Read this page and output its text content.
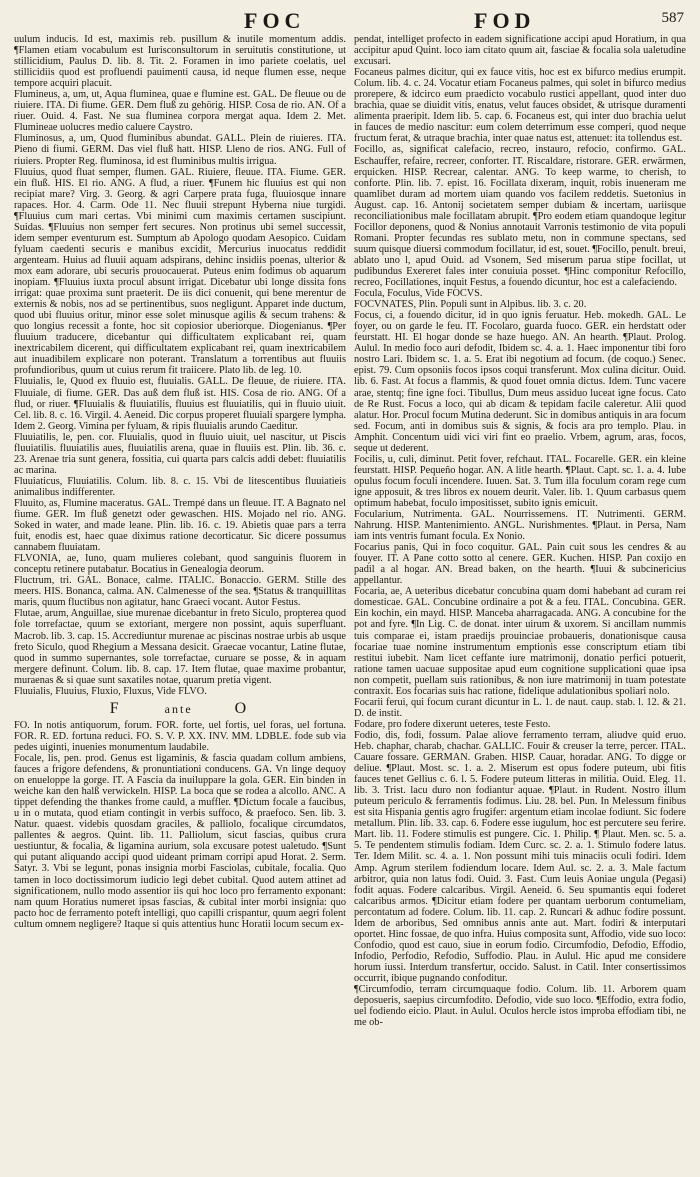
FOC	FOD	587

uulum inducis. Id est, maximis reb. pusillum & inutile momentum addis. ¶Flamen etiam vocabulum est Iurisconsultorum in seruitutis constitutione, ut stillicidium, Paulus D. lib. 8. Tit. 2. Foramen in imo pariete coelatis, uel stillicidiis quod est profluendi pauimenti causa, id neque flumen esse, neque tempore acquiri placuit.

Flumineus, a, um, ut, Aqua fluminea, quae e flumine est. GAL. De fleuue ou de riuiere. ITA. Di fiume. GER. Dem fluß zu gehörig. HISP. Cosa de rio. AN. Of a riuer. Ouid. 4. Fast. Ne sua fluminea corpora mergat aqua. Idem 2. Met. Flumineae uolucres medio caluere Caystro.

Fluminosus, a, um, Quod fluminibus abundat. GALL. Plein de riuieres. ITA. Pieno di fiumi. GERM. Das viel fluß hatt. HISP. Lleno de rios. ANG. Full of riuiers. Propter Reg. fluminosa, id est fluminibus multis irrigua.

Fluuius, quod fluat semper, flumen. GAL. Riuiere, fleuue. ITA. Fiume. GER. ein fluß. HIS. El rio. ANG. A flud, a riuer. ¶Funem hic fluuius est qui non recipiat mare? Virg. 3. Georg. & agri Carpere prata fuga, fluuiosque innare rapaces. Hor. 4. Carm. Ode 11. Nec fluuii strepunt Hyberna niue turgidi. ¶Fluuius cum mari certas. Vbi minimi cum maximis certamen suscipiunt. Suidas. ¶Fluuius non semper fert secures. Non protinus ubi semel successit, idem semper eventurum est. Sumptum ab Apologo quodam Aesopico. Cuidam fyluam caedenti securis e manibus excidit, Mercurius inuocatus reddidit argenteam. Huius ad fluuii aquam adspirans, dehinc insidiis poenas, ulterior & mox eam adorare, ubi securis prouocauerat. Puteus enim fodimus ob aquarum inopiam. ¶Fluuius iuxta procul absunt irrigat. Dicebatur ubi longe dissita fons irrigat: quae proxima sunt praeterit. De iis dici conuenit, qui bene merentur de externis & nobis, nos ad se pertinentibus, suos negligunt. Apparet inde ductum, quod ubi fluuius oritur, minor esse solet minusque agilis & secum trahens: & quo longius recessit a fonte, hoc sit copiosior uberiorque. Diogenianus. ¶Per fluuium traducere, dicebantur qui difficultatem explicabant rei, quam inextricabilem dicerent, qui difficultatem explicabant rei, quam inextricabilem aut inuadibilem explicare non poterant. Translatum a torrentibus aut fluuiis profundioribus, quum ut cuius rerum fit traiicere. Plato lib. de leg. 10.

Fluuialis, le, Quod ex fluuio est, fluuialis. GALL. De fleuue, de riuiere. ITA. Fluuiale, di fiume. GER. Das auß dem fluß ist. HIS. Cosa de rio. ANG. Of a flud, or riuer. ¶Fluuialis & fluuiatilis, fluuius est fluuiatilis, qui in fluuio uiuit. Cel. lib. 8. c. 16. Virgil. 4. Aeneid. Dic corpus properet fluuiali spargere lympha. Idem 2. Georg. Vimina per fyluam, & ripis fluuialis arundo Caeditur.

Fluuiatilis, le, pen. cor. Fluuialis, quod in fluuio uiuit, uel nascitur, ut Piscis fluuiatilis. fluuiatilis aues, fluuiatilis arena, quae in fluuiis est. Plin. lib. 36. c. 23. Arenae tria sunt genera, fossitia, cui quarta pars calcis addi debet: fluuiatilis ac marina.

Fluuiaticus, Fluuiatilis. Colum. lib. 8. c. 15. Vbi de litescentibus fluuiatieis animalibus indifferenter.

Fluuito, as, Flumine maceratus. GAL. Trempé dans un fleuue. IT. A Bagnato nel fiume. GER. Im fluß genetzt oder gewaschen. HIS. Mojado nel rio. ANG. Soked in water, and made leane. Plin. lib. 16. c. 19. Abietis quae pars a terra fuit, enodis est, haec quae diximus ratione decorticatur. Sic dicere possumus cannabem fluuiatam.

FLVONIA, ae, Iuno, quam mulieres colebant, quod sanguinis fluorem in conceptu retinere putabatur. Bocatius in Genealogia deorum.

Fluctrum, tri. GAL. Bonace, calme. ITALIC. Bonaccio. GERM. Stille des meers. HIS. Bonanca, calma. AN. Calmenesse of the sea. ¶Status & tranquillitas maris, quum fluctibus non agitatur, hanc Graeci vocant. Autor Festus.

Flutae, arum, Anguillae, siue murenae dicebantur in freto Siculo, propterea quod fole torrefactae, quum se extoriant, mergere non possint, aquis superfluant. Macrob. lib. 3. cap. 15. Accrediuntur murenae ac piscinas nostrae urbis ab usque freto Siculo, quod Rhegium a Messana desicit. Graecae vocantur, Latine flutae, quod in summo supernantes, sole torrefactae, curuare se posse, & in aquam mergere definunt. Colum. lib. 8. cap. 17. Item flutae, quae maxime probantur, muraenas & si quae sunt saxatiles notae, quarum pretia vigent.

Fluuialis, Fluuius, Fluxio, Fluxus, Vide FLVO.

F   	ante   	O

FO. In notis antiquorum, forum. FOR. forte, uel fortis, uel foras, uel fortuna. FOR. R. ED. fortuna reduci. FO. S. V. P. XX. INV. MM. LDBLE. fode sub via pedes uiginti, inuenies monumentum laudabile.

Focale, lis, pen. prod. Genus est ligaminis, & fascia quadam collum ambiens, fauces a frigore defendens, & pronuntiationi conducens. GA. Vn linge dequoy on enueloppe la gorge. IT. A Fascia da inuiluppare la gola. GER. Ein binden in weiche kan den halß verwickeln. HISP. La boca que se rodea a alcollo. ANC. A tippet defending the thankes frome cauld, a muffler. ¶Dictum focale a faucibus, u in o mutata, quod etiam contingit in verbis suffoco, & praefoco. Sen. lib. 3. Natur. quaest. videbis quosdam graciles, & palliolo, focalique circumdatos, pallentes & aegros. Quint. lib. 11. Palliolum, sicut fascias, quibus crura uestiuntur, & focalia, & ligamina aurium, sola excusare potest ualetudo. ¶Sunt qui putant aliquando accipi quod uideant primam corripi apud Horat. 2. Serm. Satyr. 3. Vbi se legunt, ponas insignia morbi Fasciolas, cubitale, focalia. Quo tamen in loco doctissimorum iudicio legi debet cubital. Quod autem attinet ad significationem, nullo modo assentior iis qui hoc loco pro ferramento exponant: nam quum Horatius numeret ipsas fascias, & cubital inter morbi insignia: quo pacto hoc de ferramento poteft intelligi, quo capilli crispantur, quum aegri folent cultum omnem negligere? Itaque si quis attentius hunc Horatii locum secum ex-

pendat, intelliget profecto in eadem significatione accipi apud Horatium, in qua accipitur apud Quint. loco iam citato quum ait, fasciae & focalia sola ualetudine excusari.

Focaneus palmes dicitur, qui ex fauce vitis, hoc est ex bifurco medius erumpit. Colum. lib. 4. c. 24. Vocatur etiam Focaneus palmes, qui solet in bifurco medius prorepere, & idcirco eum praedicto vocabulo rustici appellant, quod inter duo brachia, quae se diuidit vitis, enatus, velut fauces obsidet, & utrisque duramenti alimenta praeripit. Idem lib. 5. cap. 6. Focaneus est, qui inter duo brachia uelut in fauces de medio nascitur: eum colem deterrimum esse comperi, quod neque fructum ferat, & utraque brachia, inter quae natus est, attenuet: ita tollendus est.

Focillo, as, significat calefacio, recreo, instauro, refocio, confirmo. GAL. Eschauffer, refaire, recreer, conforter. IT. Riscaldare, ristorare. GER. erwärmen, erquicken. HISP. Recrear, calentar. ANG. To keep warme, to cherish, to conforte. Plin. lib. 7. epist. 16. Focillata dixeram, inquit, robis inueneram me quamlibet duram ad mortem uiam quando vos facilem reddetis. Suetonius in August. cap. 16. Antonij societatem semper dubiam & incertam, uariisque reconciliationibus male focillatam abrupit. ¶Pro eodem etiam quandoque legitur Focillor deponens, quod & Nonius annotauit Varronis testimonio de vita populi Romani. Propter fecundas res sublato metu, non in commune spectans, sed suum quisque diuersi commodum focillatur, id est, souet. ¶Focillo, penult. breui, ablato uno l, apud Ouid. ad Vsonem, Sed miserum parua stipe focillat, ut pudibundus Exereret fales inter conuiuia posset. ¶Hinc componitur Refocillo, recreo, Focillationes, inquit Festus, a fouendo dicuntur, hoc est a calefaciendo.

Focula, Foculus, Vide FOCVS.

FOCVNATES, Plin. Populi sunt in Alpibus. lib. 3. c. 20.

Focus, ci, a fouendo dicitur, id in quo ignis feruatur. Heb. mokedh. GAL. Le foyer, ou on garde le feu. IT. Focolaro, guarda fuoco. GER. ein herdstatt oder feurstatt. HI. El hogar donde se haze huego. AN. An hearth. ¶Plaut. Prolog. Aulul. In medio foco auri defodit, Ibidem sc. 4. a. 1. Haec imponentur tibi foro nostro Lari. Ibidem sc. 1. a. 5. Erat ibi negotium ad focum. (de coquo.) Senec. epist. 79. Cum opsoniis focos ipsos coqui transferunt. Mox culina dicitur. Ouid. lib. 6. Fast. At focus a flammis, & quod fouet omnia dictus. Idem. Tunc vacere arae, stentq; fine igne foci. Tibullus, Dum meus assiduo luceat igne focus. Cato de Re Rust. Focus a loco, qui ab dicam & tepidam facile caleretur. Alii quod alatur. Hor. Procul focum Mutina dederunt. Sic in domibus antiquis in ara focum sed. Focum, anti in domibus suis & signis, & focis ara pro templo. Plau. in Amphit. Concentum uidi vici viri fint eo praelio. Vrbem, agrum, aras, focos, seque ut dederent.

Focilis, u, culi, diminut. Petit fover, refchaut. ITAL. Focarelle. GER. ein kleine feurstatt. HISP. Pequeño hogar. AN. A litle hearth. ¶Plaut. Capt. sc. 1. a. 4. Iube opulus focum foculi incendere. Iuuen. Sat. 3. Tum illa foculum coram rege cum igne apposuit, & tres libros ex nouem deurit. Valer. lib. 1. Quum carbasus quem optimum habebat, foculo impositisset, subito ignis emicuit.

Focularium, Nutrimenta. GAL. Nourrissemens. IT. Nutrimenti. GERM. Nahrung. HISP. Mantenimiento. ANGL. Nurishmentes. ¶Plaut. in Persa, Nam iam ints ventris fumant focula. Ex Nonio.

Focarius panis, Qui in foco coquitur. GAL. Pain cuit sous les cendres & au fouyer. IT. A Pane cotto sotto al cenere. GER. Kuchen. HISP. Pan coxijo en padil a al hogar. AN. Bread baken, on the hearth. ¶Iuui & subcinericius appellantur.

Focaria, ae, A ueteribus dicebatur concubina quam domi habebant ad curam rei domesticae. GAL. Concubine ordinaire a pot & a feu. ITAL. Concubina. GER. Ein kochin, ein mayd. HISP. Manceba aharragacada. ANG. A concubine for the pot and fyre. ¶In Lig. C. de donat. inter uirum & uxorem. Si ancillam nummis tuis comparae ei, istam praedijs prouinciae probaueris, donationisque causa focariae tuae nomine instrumentum emptionis esse conscriptum etiam tibi restitui iubebit. Nam licet ceffante iure matrimonij, donatio perfici potuerit, ratione tamen uacuae suppositae apud eum cognitione supplicationi quae ipsa non competit, puellam suis rationibus, & non iure matrimonij in tuam potestate contraxit. Eos focarias suis hac ratione, fidelique adulationibus spoliari nolo.

Focarii ferui, qui focum curant dicuntur in L. 1. de naut. caup. stab. l. 12. & 21. D. de instit.

Fodare, pro fodere dixerunt ueteres, teste Festo.

Fodio, dis, fodi, fossum. Palae aliove ferramento terram, aliudve quid eruo. Heb. chaphar, charab, chachar. GALLIC. Fouir & creuser la terre, percer. ITAL. Cauare fossare. GERMAN. Graben. HISP. Cauar, horadar. ANG. To digge or deliue. ¶Plaut. Most. sc. 1. a. 2. Miserum est opus fodere puteum, ubi fitis fauces tenet Gellius c. 6. l. 5. Fodere puteum litteras in militia. Ouid. Eleg. 11. lib. 3. Trist. lacu duro non fodiantur aquae. ¶Plaut. in Rudent. Nostro illum puteum periculo & ferramentis fodimus. Liu. 28. bel. Pun. In Melessum finibus est sita Hispania gentis agro frugifer: argentum etiam incolae fodiunt. Sic fodere metallum. Plin. lib. 33. cap. 6. Fodere esse iugulum, hoc est percutere seu ferire. Mart. lib. 11. Fodere stimulis est pungere. Cic. 1. Philip. ¶ Plaut. Men. sc. 5. a. 5. Te pendentem stimulis fodiam. Idem Curc. sc. 2. a. 1. Stimulo fodere latus. Ter. Idem Milit. sc. 4. a. 1. Non possunt mihi tuis minaciis oculi fodiri. Idem Amp. Agrum sterilem fodiendum locare. Idem Aul. sc. 2. a. 3. Male factum arbitror, quia non latus fodi. Ouid. 3. Fast. Cum leuis Aoniae ungula (Pegasi) fodit aquas. Fodere calcaribus. Virgil. Aeneid. 6. Seu spumantis equi foderet calcaribus armos. ¶Dicitur etiam fodere per quantam uerborum contumeliam, percontatum ad fodere. Colum. lib. 11. cap. 2. Runcari & adhuc fodire possunt. Idem de arboribus, Sed omnibus annis ante aut. Mart. fodiri & interputari oportet. Hinc fossae, de quo infra. Huius composita sunt, Affodio, vide suo loco: Confodio, quod est cauo, siue in eorum fodio. Circumfodio, Defodio, Effodio, Infodio, Perfodio, Refodio, Suffodio. Plau. in Aulul. Hic apud me considere horum iussi. Interdum transfertur, occido. Salust. in Catil. Inter consertissimos occurrit, ibique pugnando confoditur.

¶Circumfodio, terram circumquaque fodio. Colum. lib. 11. Arborem quam deposueris, saepius circumfodito. Defodio, vide suo loco. ¶Effodio, extra fodio, uel fodiendo eicio. Plaut. in Aulul. Oculos hercle istos improba effodiam tibi, ne me ob-
